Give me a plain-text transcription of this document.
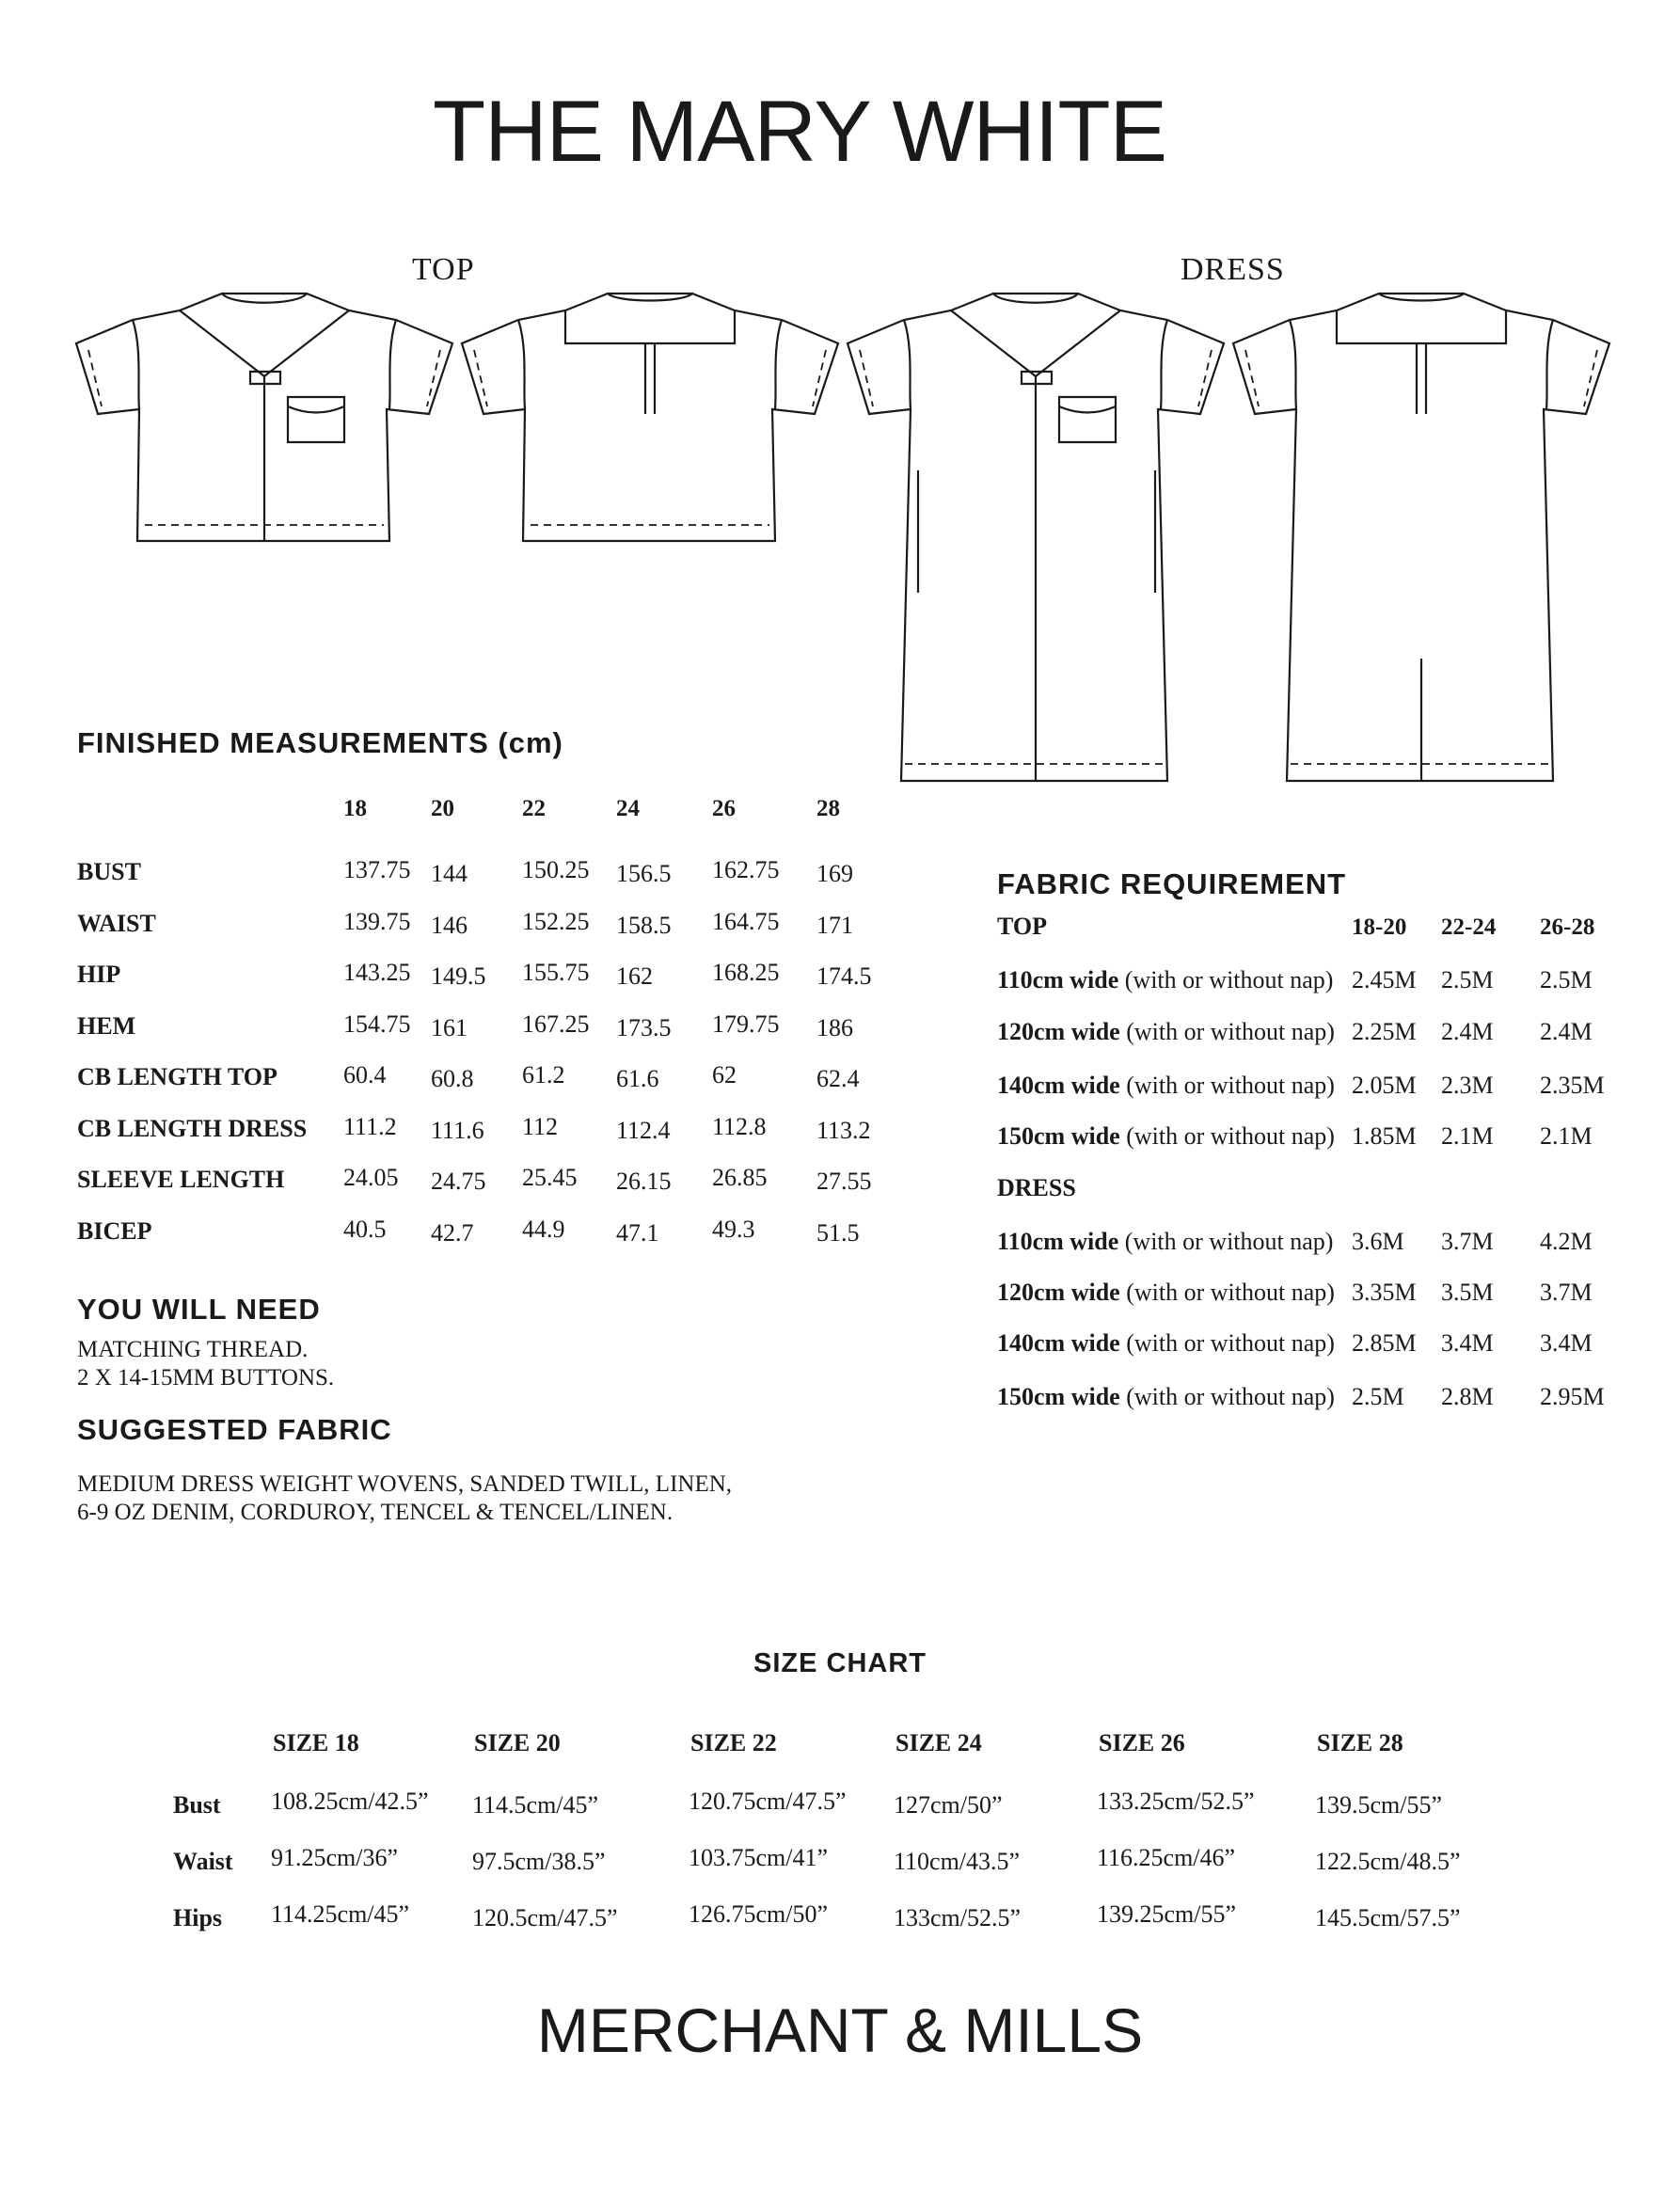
THE MARY WHITE
TOP	DRESS
FINISHED MEASUREMENTS (cm)
YOU WILL NEED
MATCHING THREAD.
2 X 14-15MM BUTTONS.
SUGGESTED FABRIC
MEDIUM DRESS WEIGHT WOVENS, SANDED TWILL, LINEN,
6-9 OZ DENIM, CORDUROY, TENCEL & TENCEL/LINEN.
FABRIC REQUIREMENT
SIZE CHART
MERCHANT & MILLS
18	20	22	24	26	28
BUST	137.75 144 150.25 156.5 162.75 169
WAIST	139.75 146 152.25 158.5 164.75 171
HIP	143.25 149.5 155.75 162 168.25 174.5
HEM	154.75 161 167.25 173.5 179.75 186
CB LENGTH TOP	60.4 60.8 61.2 61.6 62	62.4
CB LENGTH DRESS 111.2 111.6 112 112.4 112.8 113.2
SLEEVE LENGTH 24.05 24.75 25.45 26.15 26.85 27.55
BICEP	40.5 42.7 44.9 47.1 49.3	51.5
TOP	18-20 22-24 26-28
110cm wide (with or without nap) 2.45M 2.5M 2.5M
120cm wide (with or without nap) 2.25M 2.4M 2.4M
140cm wide (with or without nap) 2.05M 2.3M 2.35M
150cm wide (with or without nap) 1.85M 2.1M 2.1M
DRESS
110cm wide (with or without nap) 3.6M 3.7M 4.2M
120cm wide (with or without nap) 3.35M 3.5M 3.7M
140cm wide (with or without nap) 2.85M 3.4M 3.4M
150cm wide (with or without nap) 2.5M 2.8M 2.95M
SIZE 18	SIZE 20	SIZE 22	SIZE 24	SIZE 26	SIZE 28
Bust 108.25cm/42.5” 114.5cm/45”	120.75cm/47.5” 127cm/50”	133.25cm/52.5” 139.5cm/55”
Waist 91.25cm/36”	97.5cm/38.5”	103.75cm/41”	110cm/43.5”	116.25cm/46”	122.5cm/48.5”
Hips 114.25cm/45”	120.5cm/47.5”	126.75cm/50”	133cm/52.5”	139.25cm/55”	145.5cm/57.5”
